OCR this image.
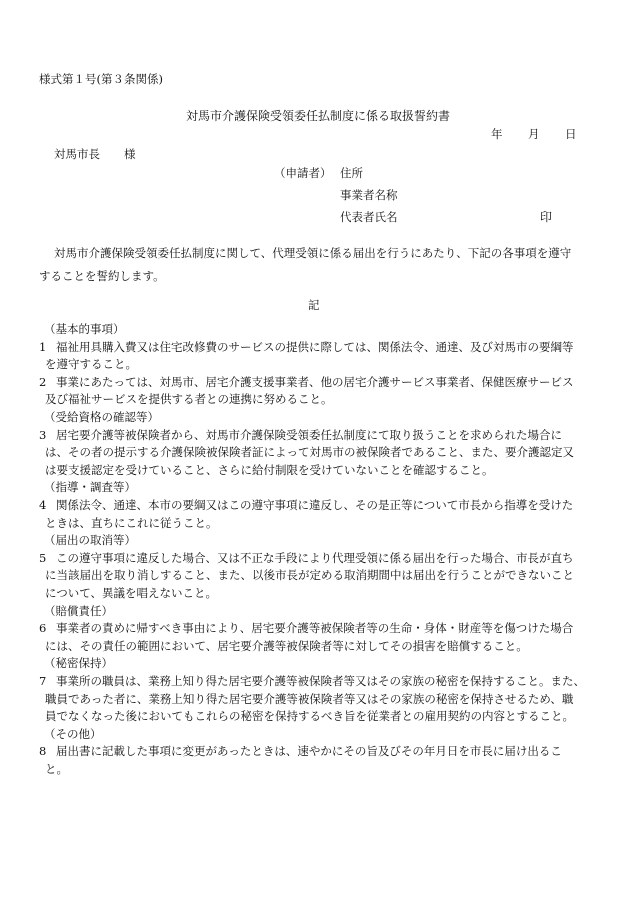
様式第１号(第３条関係)
対馬市介護保険受領委任払制度に係る取扱誓約書
年 月 日
対馬市長 様
（申請者） 住所
事業者名称
代表者氏名	印
対馬市介護保険受領委任払制度に関して、代理受領に係る届出を行うにあたり、下記の各事項を遵守
することを誓約します。
記
（基本的事項）
1 福祉用具購入費又は住宅改修費のサービスの提供に際しては、関係法令、通達、及び対馬市の要綱等
を遵守すること。
2 事業にあたっては、対馬市、居宅介護支援事業者、他の居宅介護サービス事業者、保健医療サービス
及び福祉サービスを提供する者との連携に努めること。
（受給資格の確認等）
3 居宅要介護等被保険者から、対馬市介護保険受領委任払制度にて取り扱うことを求められた場合に
は、その者の提示する介護保険被保険者証によって対馬市の被保険者であること、また、要介護認定又
は要支援認定を受けていること、さらに給付制限を受けていないことを確認すること。
（指導・調査等）
4 関係法令、通達、本市の要綱又はこの遵守事項に違反し、その是正等について市長から指導を受けた
ときは、直ちにこれに従うこと。
（届出の取消等）
5 この遵守事項に違反した場合、又は不正な手段により代理受領に係る届出を行った場合、市長が直ち
に当該届出を取り消しすること、また、以後市長が定める取消期間中は届出を行うことができないこと
について、異議を唱えないこと。
（賠償責任）
6 事業者の責めに帰すべき事由により、居宅要介護等被保険者等の生命・身体・財産等を傷つけた場合
には、その責任の範囲において、居宅要介護等被保険者等に対してその損害を賠償すること。
（秘密保持）
7 事業所の職員は、業務上知り得た居宅要介護等被保険者等又はその家族の秘密を保持すること。また、
職員であった者に、業務上知り得た居宅要介護等被保険者等又はその家族の秘密を保持させるため、職
員でなくなった後においてもこれらの秘密を保持するべき旨を従業者との雇用契約の内容とすること。
（その他）
8 届出書に記載した事項に変更があったときは、速やかにその旨及びその年月日を市長に届け出るこ
と。
